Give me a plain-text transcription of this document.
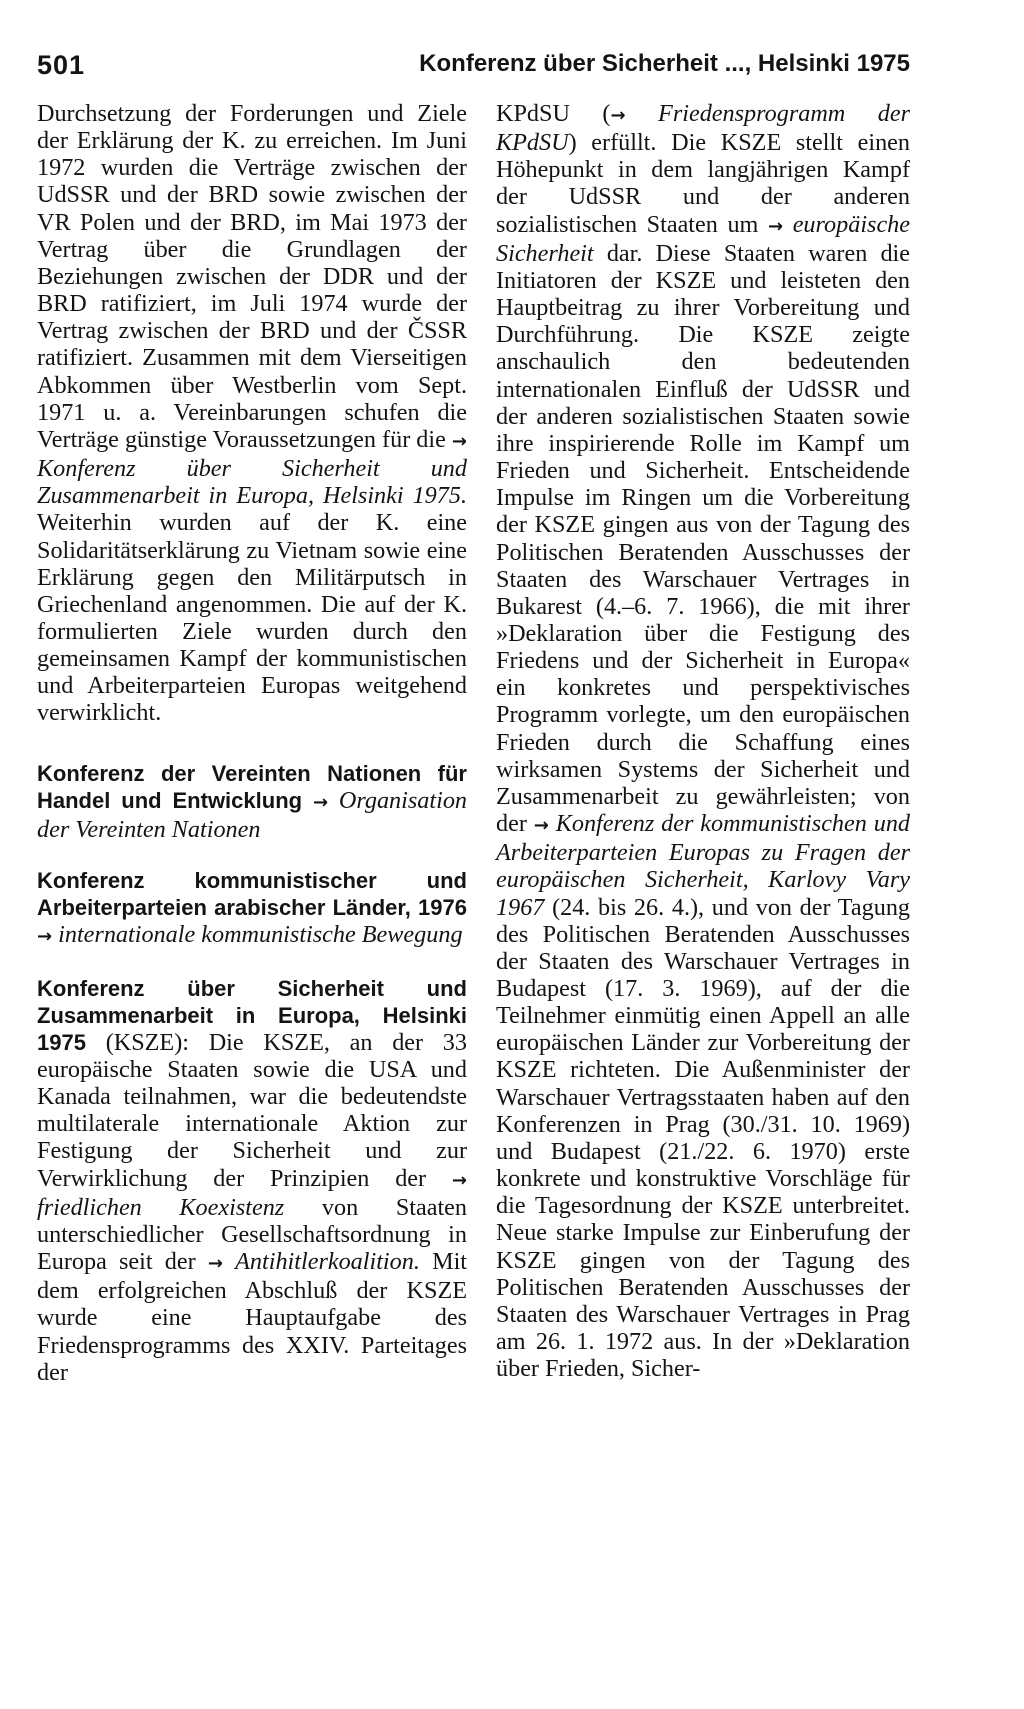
501	Konferenz über Sicherheit ..., Helsinki 1975

Durchsetzung der Forderungen und Ziele der Erklärung der K. zu erreichen. Im Juni 1972 wurden die Verträge zwischen der UdSSR und der BRD sowie zwischen der VR Polen und der BRD, im Mai 1973 der Vertrag über die Grundlagen der Beziehungen zwischen der DDR und der BRD ratifiziert, im Juli 1974 wurde der Vertrag zwischen der BRD und der ČSSR ratifiziert. Zusammen mit dem Vierseitigen Abkommen über Westberlin vom Sept. 1971 u. a. Vereinbarungen schufen die Verträge günstige Voraussetzungen für die → Konferenz über Sicherheit und Zusammenarbeit in Europa, Helsinki 1975. Weiterhin wurden auf der K. eine Solidaritätserklärung zu Vietnam sowie eine Erklärung gegen den Militärputsch in Griechenland angenommen. Die auf der K. formulierten Ziele wurden durch den gemeinsamen Kampf der kommunistischen und Arbeiterparteien Europas weitgehend verwirklicht.

Konferenz der Vereinten Nationen für Handel und Entwicklung → Organisation der Vereinten Nationen

Konferenz kommunistischer und Arbeiterparteien arabischer Länder, 1976 → internationale kommunistische Bewegung

Konferenz über Sicherheit und Zusammenarbeit in Europa, Helsinki 1975 (KSZE): Die KSZE, an der 33 europäische Staaten sowie die USA und Kanada teilnahmen, war die bedeutendste multilaterale internationale Aktion zur Festigung der Sicherheit und zur Verwirklichung der Prinzipien der → friedlichen Koexistenz von Staaten unterschiedlicher Gesellschaftsordnung in Europa seit der → Antihitlerkoalition. Mit dem erfolgreichen Abschluß der KSZE wurde eine Hauptaufgabe des Friedensprogramms des XXIV. Parteitages der

KPdSU (→ Friedensprogramm der KPdSU) erfüllt. Die KSZE stellt einen Höhepunkt in dem langjährigen Kampf der UdSSR und der anderen sozialistischen Staaten um → europäische Sicherheit dar. Diese Staaten waren die Initiatoren der KSZE und leisteten den Hauptbeitrag zu ihrer Vorbereitung und Durchführung. Die KSZE zeigte anschaulich den bedeutenden internationalen Einfluß der UdSSR und der anderen sozialistischen Staaten sowie ihre inspirierende Rolle im Kampf um Frieden und Sicherheit. Entscheidende Impulse im Ringen um die Vorbereitung der KSZE gingen aus von der Tagung des Politischen Beratenden Ausschusses der Staaten des Warschauer Vertrages in Bukarest (4.–6. 7. 1966), die mit ihrer »Deklaration über die Festigung des Friedens und der Sicherheit in Europa« ein konkretes und perspektivisches Programm vorlegte, um den europäischen Frieden durch die Schaffung eines wirksamen Systems der Sicherheit und Zusammenarbeit zu gewährleisten; von der → Konferenz der kommunistischen und Arbeiterparteien Europas zu Fragen der europäischen Sicherheit, Karlovy Vary 1967 (24. bis 26. 4.), und von der Tagung des Politischen Beratenden Ausschusses der Staaten des Warschauer Vertrages in Budapest (17. 3. 1969), auf der die Teilnehmer einmütig einen Appell an alle europäischen Länder zur Vorbereitung der KSZE richteten. Die Außenminister der Warschauer Vertragsstaaten haben auf den Konferenzen in Prag (30./31. 10. 1969) und Budapest (21./22. 6. 1970) erste konkrete und konstruktive Vorschläge für die Tagesordnung der KSZE unterbreitet. Neue starke Impulse zur Einberufung der KSZE gingen von der Tagung des Politischen Beratenden Ausschusses der Staaten des Warschauer Vertrages in Prag am 26. 1. 1972 aus. In der »Deklaration über Frieden, Sicher-
